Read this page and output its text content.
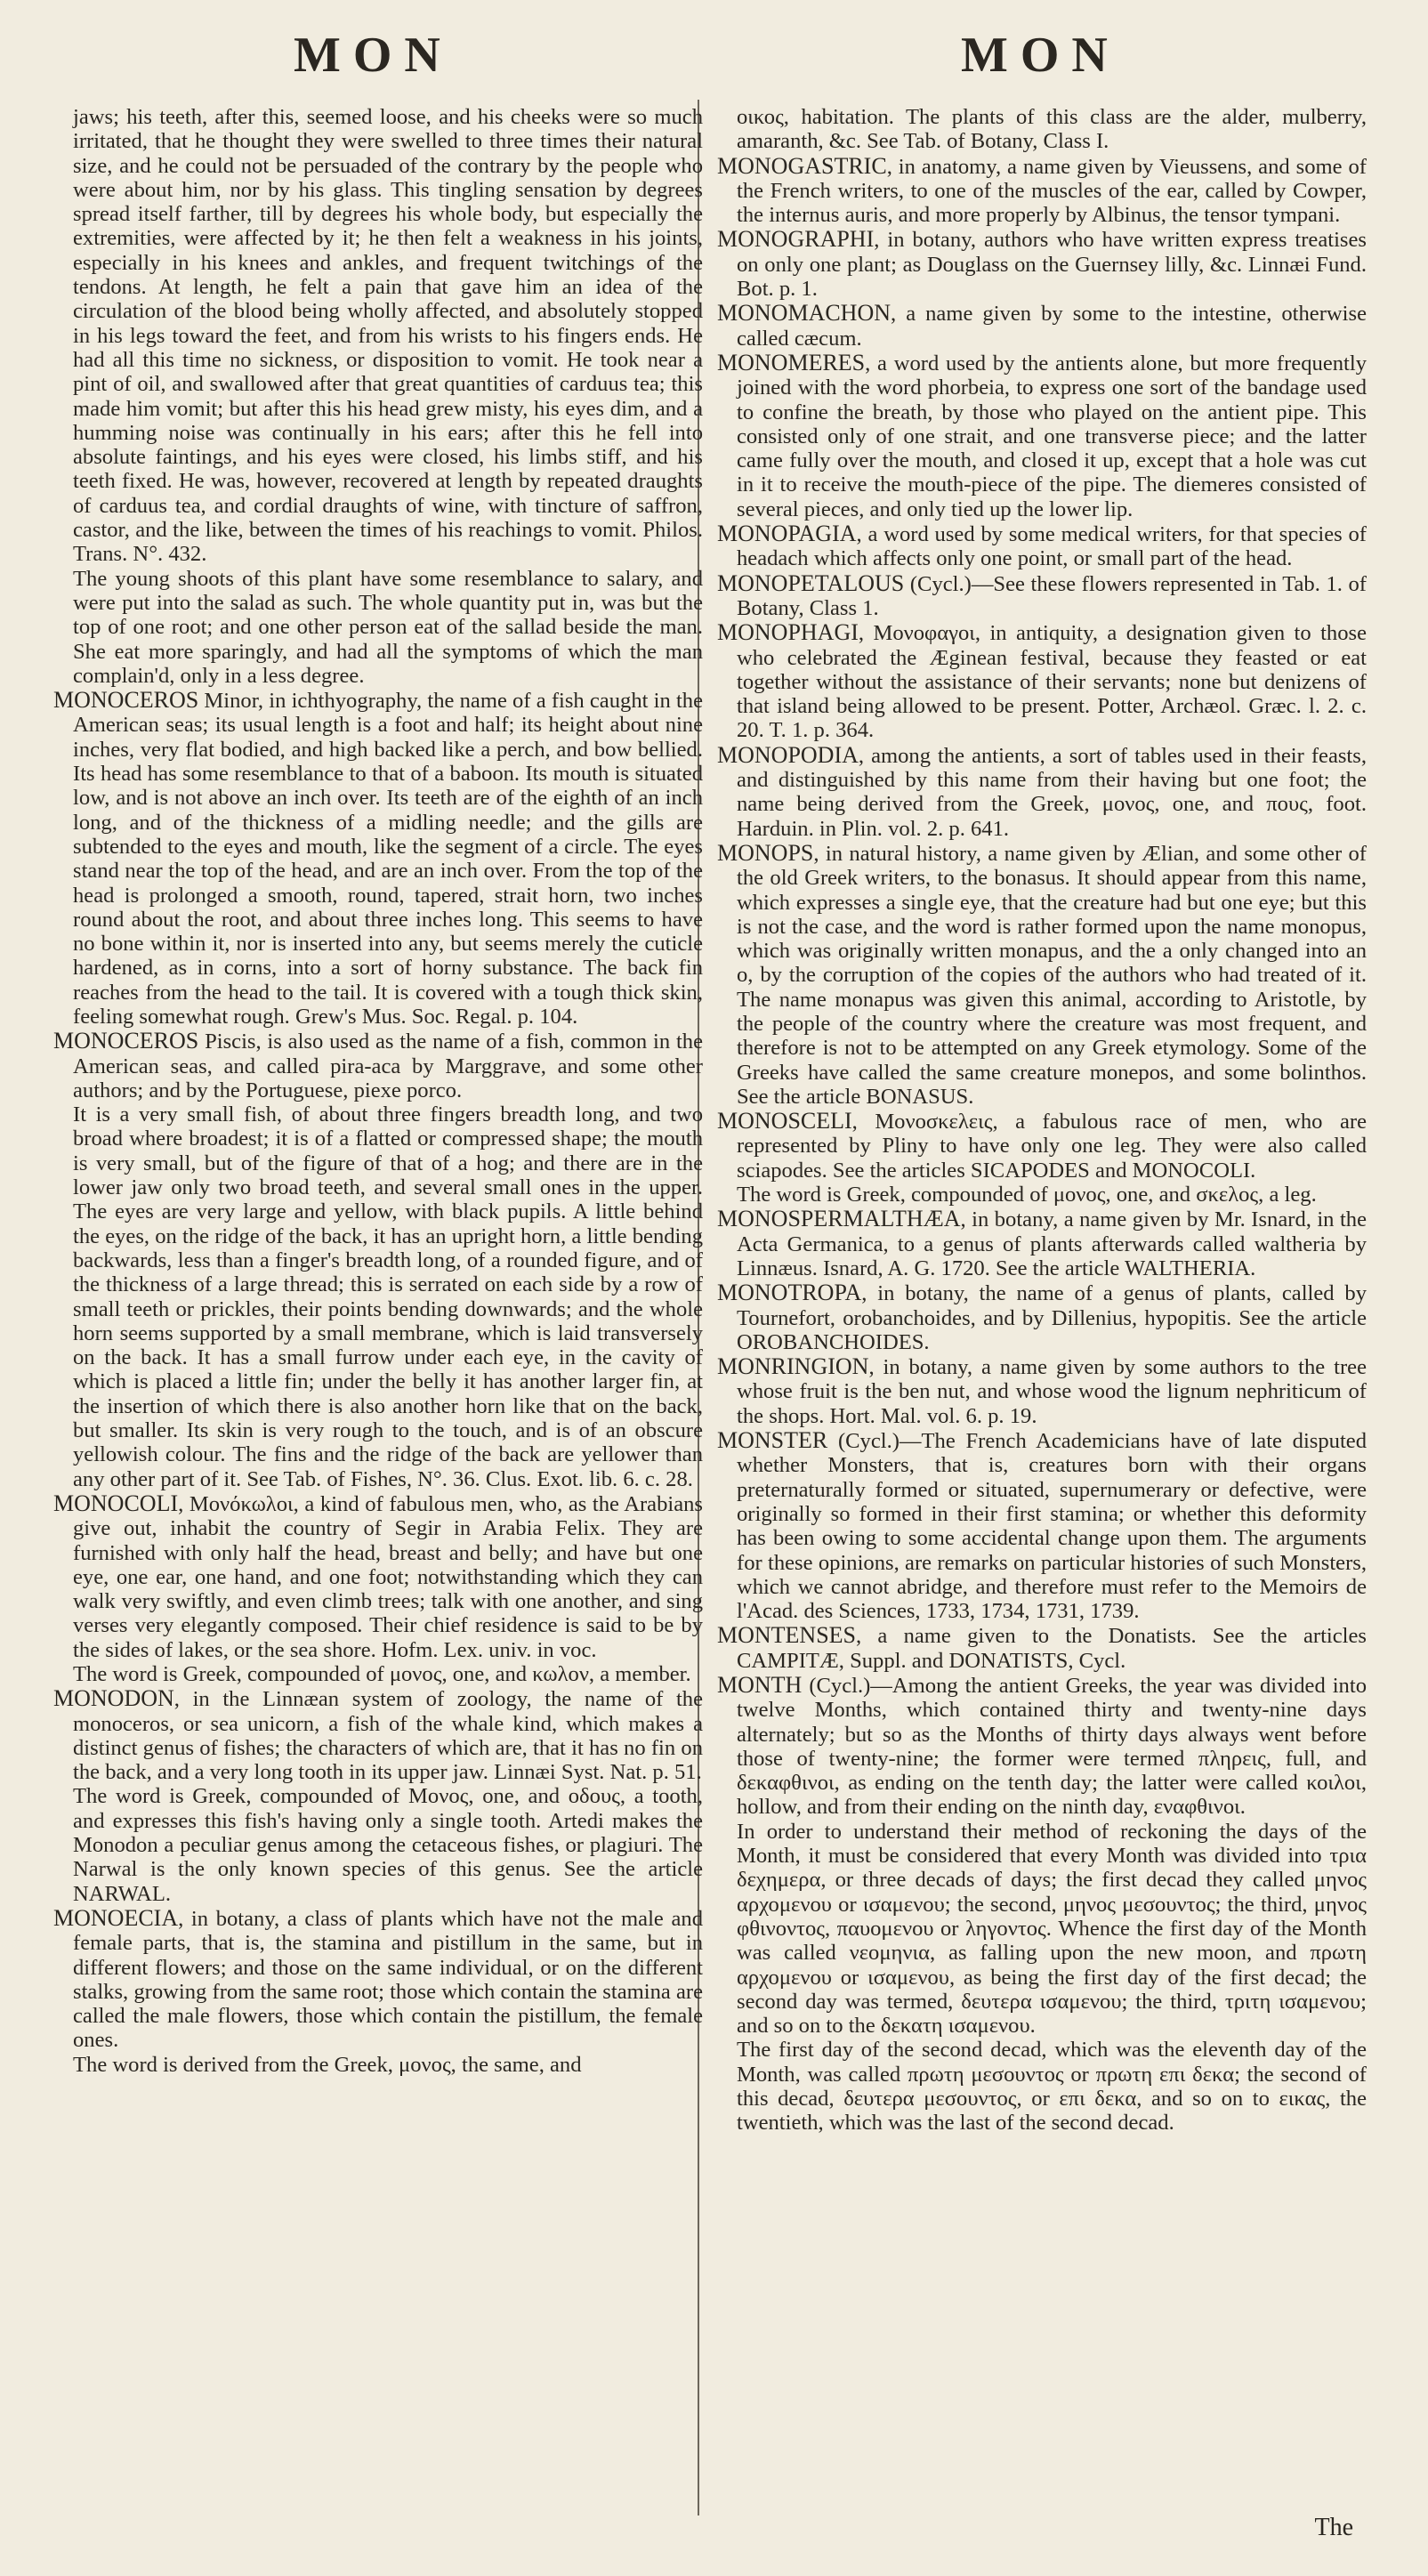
MON	MON

jaws; his teeth, after this, seemed loose, and his cheeks were so much irritated, that he thought they were swelled to three times their natural size, and he could not be persuaded of the contrary by the people who were about him, nor by his glass. This tingling sensation by degrees spread itself farther, till by degrees his whole body, but especially the extremities, were affected by it; he then felt a weakness in his joints, especially in his knees and ankles, and frequent twitchings of the tendons. At length, he felt a pain that gave him an idea of the circulation of the blood being wholly affected, and absolutely stopped in his legs toward the feet, and from his wrists to his fingers ends. He had all this time no sickness, or disposition to vomit. He took near a pint of oil, and swallowed after that great quantities of carduus tea; this made him vomit; but after this his head grew misty, his eyes dim, and a humming noise was continually in his ears; after this he fell into absolute faintings, and his eyes were closed, his limbs stiff, and his teeth fixed. He was, however, recovered at length by repeated draughts of carduus tea, and cordial draughts of wine, with tincture of saffron, castor, and the like, between the times of his reachings to vomit. Philos. Trans. N°. 432.

The young shoots of this plant have some resemblance to salary, and were put into the salad as such. The whole quantity put in, was but the top of one root; and one other person eat of the sallad beside the man. She eat more sparingly, and had all the symptoms of which the man complain'd, only in a less degree.

MONOCEROS Minor, in ichthyography, the name of a fish caught in the American seas; its usual length is a foot and half; its height about nine inches, very flat bodied, and high backed like a perch, and bow bellied. Its head has some resemblance to that of a baboon. Its mouth is situated low, and is not above an inch over. Its teeth are of the eighth of an inch long, and of the thickness of a midling needle; and the gills are subtended to the eyes and mouth, like the segment of a circle. The eyes stand near the top of the head, and are an inch over. From the top of the head is prolonged a smooth, round, tapered, strait horn, two inches round about the root, and about three inches long. This seems to have no bone within it, nor is inserted into any, but seems merely the cuticle hardened, as in corns, into a sort of horny substance. The back fin reaches from the head to the tail. It is covered with a tough thick skin, feeling somewhat rough. Grew's Mus. Soc. Regal. p. 104.

MONOCEROS Piscis, is also used as the name of a fish, common in the American seas, and called pira-aca by Marggrave, and some other authors; and by the Portuguese, piexe porco.

It is a very small fish, of about three fingers breadth long, and two broad where broadest; it is of a flatted or compressed shape; the mouth is very small, but of the figure of that of a hog; and there are in the lower jaw only two broad teeth, and several small ones in the upper. The eyes are very large and yellow, with black pupils. A little behind the eyes, on the ridge of the back, it has an upright horn, a little bending backwards, less than a finger's breadth long, of a rounded figure, and of the thickness of a large thread; this is serrated on each side by a row of small teeth or prickles, their points bending downwards; and the whole horn seems supported by a small membrane, which is laid transversely on the back. It has a small furrow under each eye, in the cavity of which is placed a little fin; under the belly it has another larger fin, at the insertion of which there is also another horn like that on the back, but smaller. Its skin is very rough to the touch, and is of an obscure yellowish colour. The fins and the ridge of the back are yellower than any other part of it. See Tab. of Fishes, N°. 36. Clus. Exot. lib. 6. c. 28.

MONOCOLI, Μονόκωλοι, a kind of fabulous men, who, as the Arabians give out, inhabit the country of Segir in Arabia Felix. They are furnished with only half the head, breast and belly; and have but one eye, one ear, one hand, and one foot; notwithstanding which they can walk very swiftly, and even climb trees; talk with one another, and sing verses very elegantly composed. Their chief residence is said to be by the sides of lakes, or the sea shore. Hofm. Lex. univ. in voc.

The word is Greek, compounded of μονος, one, and κωλον, a member.

MONODON, in the Linnæan system of zoology, the name of the monoceros, or sea unicorn, a fish of the whale kind, which makes a distinct genus of fishes; the characters of which are, that it has no fin on the back, and a very long tooth in its upper jaw. Linnæi Syst. Nat. p. 51.

The word is Greek, compounded of Μονος, one, and οδους, a tooth, and expresses this fish's having only a single tooth. Artedi makes the Monodon a peculiar genus among the cetaceous fishes, or plagiuri. The Narwal is the only known species of this genus. See the article NARWAL.

MONOECIA, in botany, a class of plants which have not the male and female parts, that is, the stamina and pistillum in the same, but in different flowers; and those on the same individual, or on the different stalks, growing from the same root; those which contain the stamina are called the male flowers, those which contain the pistillum, the female ones.

The word is derived from the Greek, μονος, the same, and

οικος, habitation. The plants of this class are the alder, mulberry, amaranth, &c. See Tab. of Botany, Class I.

MONOGASTRIC, in anatomy, a name given by Vieussens, and some of the French writers, to one of the muscles of the ear, called by Cowper, the internus auris, and more properly by Albinus, the tensor tympani.

MONOGRAPHI, in botany, authors who have written express treatises on only one plant; as Douglass on the Guernsey lilly, &c. Linnæi Fund. Bot. p. 1.

MONOMACHON, a name given by some to the intestine, otherwise called cæcum.

MONOMERES, a word used by the antients alone, but more frequently joined with the word phorbeia, to express one sort of the bandage used to confine the breath, by those who played on the antient pipe. This consisted only of one strait, and one transverse piece; and the latter came fully over the mouth, and closed it up, except that a hole was cut in it to receive the mouth-piece of the pipe. The diemeres consisted of several pieces, and only tied up the lower lip.

MONOPAGIA, a word used by some medical writers, for that species of headach which affects only one point, or small part of the head.

MONOPETALOUS (Cycl.)—See these flowers represented in Tab. 1. of Botany, Class 1.

MONOPHAGI, Μονοφαγοι, in antiquity, a designation given to those who celebrated the Æginean festival, because they feasted or eat together without the assistance of their servants; none but denizens of that island being allowed to be present. Potter, Archæol. Græc. l. 2. c. 20. T. 1. p. 364.

MONOPODIA, among the antients, a sort of tables used in their feasts, and distinguished by this name from their having but one foot; the name being derived from the Greek, μονος, one, and πους, foot. Harduin. in Plin. vol. 2. p. 641.

MONOPS, in natural history, a name given by Ælian, and some other of the old Greek writers, to the bonasus. It should appear from this name, which expresses a single eye, that the creature had but one eye; but this is not the case, and the word is rather formed upon the name monopus, which was originally written monapus, and the a only changed into an o, by the corruption of the copies of the authors who had treated of it. The name monapus was given this animal, according to Aristotle, by the people of the country where the creature was most frequent, and therefore is not to be attempted on any Greek etymology. Some of the Greeks have called the same creature monepos, and some bolinthos. See the article BONASUS.

MONOSCELI, Μονοσκελεις, a fabulous race of men, who are represented by Pliny to have only one leg. They were also called sciapodes. See the articles SICAPODES and MONOCOLI.

The word is Greek, compounded of μονος, one, and σκελος, a leg.

MONOSPERMALTHÆA, in botany, a name given by Mr. Isnard, in the Acta Germanica, to a genus of plants afterwards called waltheria by Linnæus. Isnard, A. G. 1720. See the article WALTHERIA.

MONOTROPA, in botany, the name of a genus of plants, called by Tournefort, orobanchoides, and by Dillenius, hypopitis. See the article OROBANCHOIDES.

MONRINGION, in botany, a name given by some authors to the tree whose fruit is the ben nut, and whose wood the lignum nephriticum of the shops. Hort. Mal. vol. 6. p. 19.

MONSTER (Cycl.)—The French Academicians have of late disputed whether Monsters, that is, creatures born with their organs preternaturally formed or situated, supernumerary or defective, were originally so formed in their first stamina; or whether this deformity has been owing to some accidental change upon them. The arguments for these opinions, are remarks on particular histories of such Monsters, which we cannot abridge, and therefore must refer to the Memoirs de l'Acad. des Sciences, 1733, 1734, 1731, 1739.

MONTENSES, a name given to the Donatists. See the articles CAMPITÆ, Suppl. and DONATISTS, Cycl.

MONTH (Cycl.)—Among the antient Greeks, the year was divided into twelve Months, which contained thirty and twenty-nine days alternately; but so as the Months of thirty days always went before those of twenty-nine; the former were termed πληρεις, full, and δεκαφθινοι, as ending on the tenth day; the latter were called κοιλοι, hollow, and from their ending on the ninth day, εναφθινοι.

In order to understand their method of reckoning the days of the Month, it must be considered that every Month was divided into τρια δεχημερα, or three decads of days; the first decad they called μηνος αρχομενου or ισαμενου; the second, μηνος μεσουντος; the third, μηνος φθινοντος, παυομενου or ληγοντος. Whence the first day of the Month was called νεομηνια, as falling upon the new moon, and πρωτη αρχομενου or ισαμενου, as being the first day of the first decad; the second day was termed, δευτερα ισαμενου; the third, τριτη ισαμενου; and so on to the δεκατη ισαμενου.

The first day of the second decad, which was the eleventh day of the Month, was called πρωτη μεσουντος or πρωτη επι δεκα; the second of this decad, δευτερα μεσουντος, or επι δεκα, and so on to εικας, the twentieth, which was the last of the second decad.

The
